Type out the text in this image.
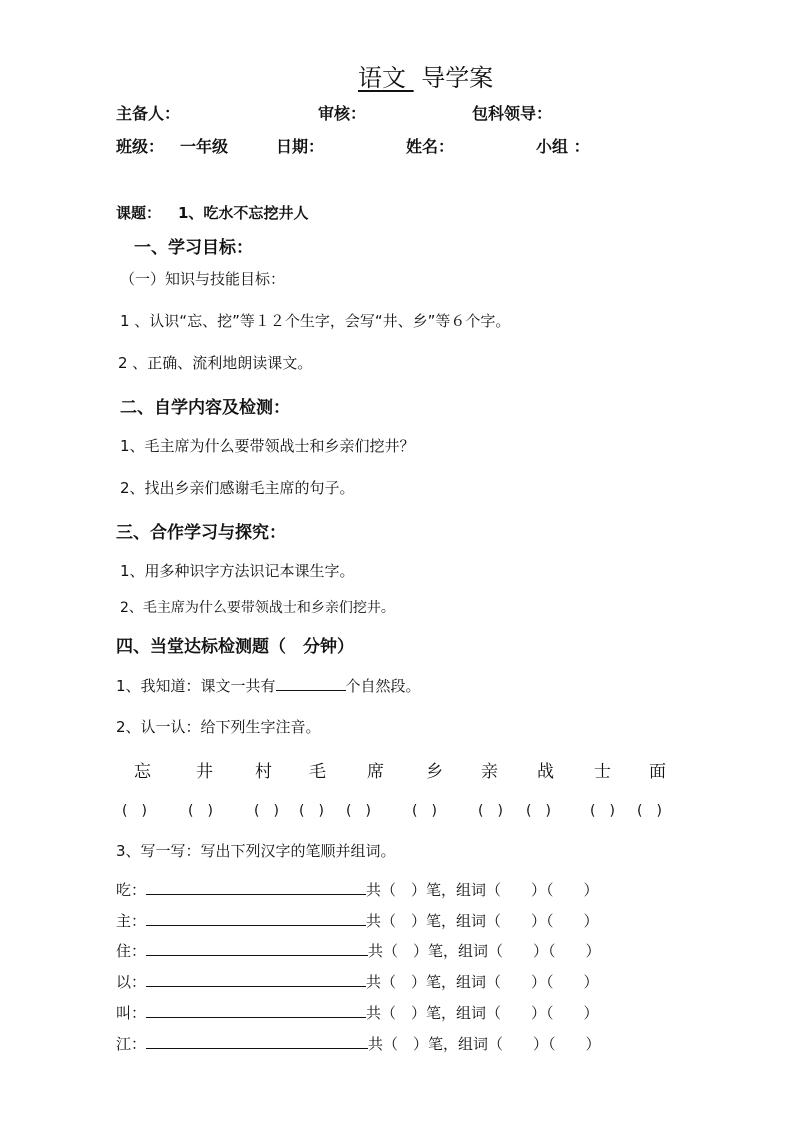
语文 导学案
主备人：	审核：	包科领导：
班级： 一年级	日期：	姓名：	小组 ：
课题： 1、吃水不忘挖井人
一、学习目标：
（一）知识与技能目标：
1 、认识“忘、挖”等１２个生字，会写“井、乡”等６个字。
2 、正确、流利地朗读课文。
二、自学内容及检测：
1、毛主席为什么要带领战士和乡亲们挖井？
2、找出乡亲们感谢毛主席的句子。
三、合作学习与探究：
1、用多种识字方法识记本课生字。
2、毛主席为什么要带领战士和乡亲们挖井。
四、当堂达标检测题（　分钟）
1、我知道：课文一共有	个自然段。
2、认一认：给下列生字注音。
忘	井 村 毛 席 乡 亲 战 士 面
(　)	(　)	(　) (　) (　)	(　)	(　) (　)	(　) (　)
3、写一写：写出下列汉字的笔顺并组词。
吃：	共（　）笔，组词（　　）（　　）
主：	共（　）笔，组词（　　）（　　）
住：	共（　）笔，组词（　　）（　　）
以：	共（　）笔，组词（　　）（　　）
叫：	共（　）笔，组词（　　）（　　）
江：	共（　）笔，组词（　　）（　　）
